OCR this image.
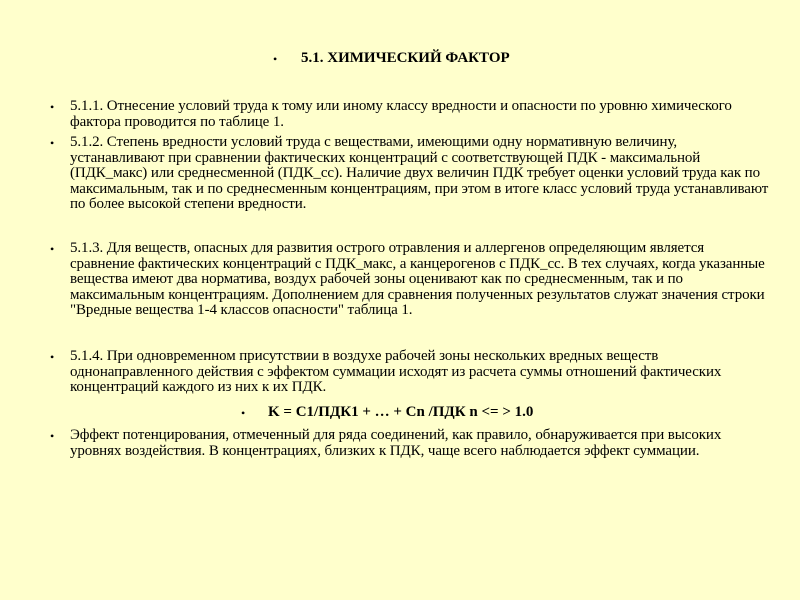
• 5.1. ХИМИЧЕСКИЙ ФАКТОР
•	5.1.1. Отнесение условий труда к тому или иному классу вредности и опасности по уровню химического фактора проводится по таблице 1.
•	5.1.2. Степень вредности условий труда с веществами, имеющими одну нормативную величину, устанавливают при сравнении фактических концентраций с соответствующей ПДК - максимальной (ПДК_макс) или среднесменной (ПДК_сс). Наличие двух величин ПДК требует оценки условий труда как по максимальным, так и по среднесменным концентрациям, при этом в итоге класс условий труда устанавливают по более высокой степени вредности.
•	5.1.3. Для веществ, опасных для развития острого отравления и аллергенов определяющим является сравнение фактических концентраций с ПДК_макс, а канцерогенов с ПДК_сс. В тех случаях, когда указанные вещества имеют два норматива, воздух рабочей зоны оценивают как по среднесменным, так и по максимальным концентрациям. Дополнением для сравнения полученных результатов служат значения строки "Вредные вещества 1-4 классов опасности" таблица 1.
•	5.1.4. При одновременном присутствии в воздухе рабочей зоны нескольких вредных веществ однонаправленного действия с эффектом суммации исходят из расчета суммы отношений фактических концентраций каждого из них к их ПДК.
• K = C1/ПДК1 + … + Cn /ПДК n <= > 1.0
•	Эффект потенцирования, отмеченный для ряда соединений, как правило, обнаруживается при высоких уровнях воздействия. В концентрациях, близких к ПДК, чаще всего наблюдается эффект суммации.
